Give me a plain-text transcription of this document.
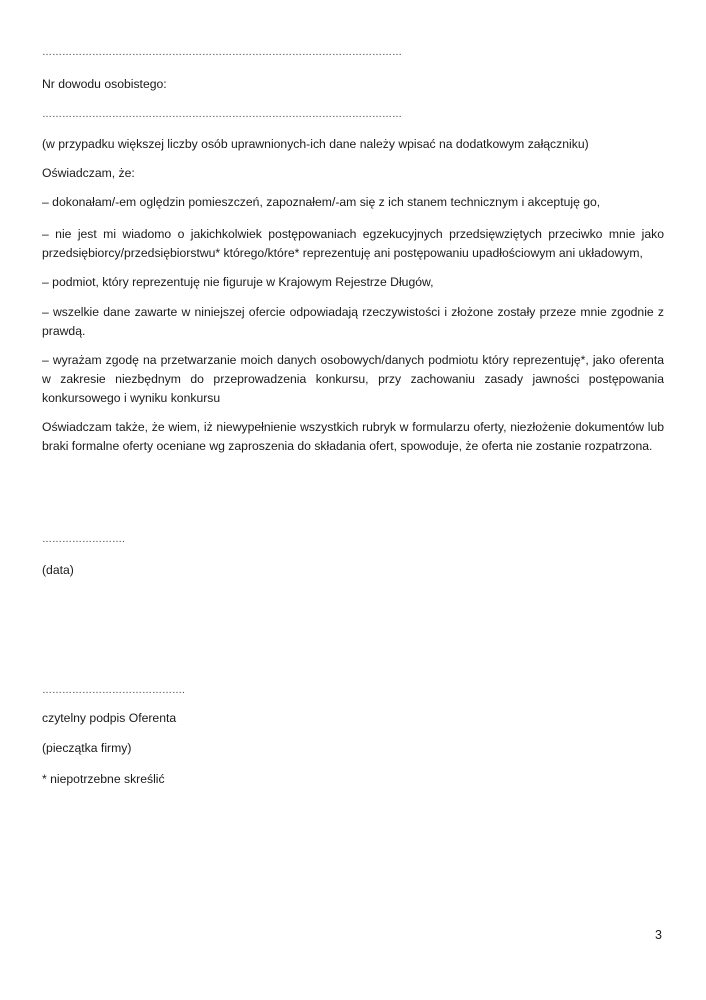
………………………………………………………………………………………………
Nr dowodu osobistego:
………………………………………………………………………………………………
(w przypadku większej liczby osób uprawnionych-ich dane należy wpisać na dodatkowym załączniku)
Oświadczam, że:
– dokonałam/-em oględzin pomieszczeń, zapoznałem/-am się z ich stanem technicznym i akceptuję go,
– nie jest mi wiadomo o jakichkolwiek postępowaniach egzekucyjnych przedsięwziętych przeciwko mnie jako przedsiębiorcy/przedsiębiorstwu* którego/które* reprezentuję ani postępowaniu upadłościowym ani układowym,
– podmiot, który reprezentuję nie figuruje w Krajowym Rejestrze Długów,
– wszelkie dane zawarte w niniejszej ofercie odpowiadają rzeczywistości i złożone zostały przeze mnie zgodnie z prawdą.
– wyrażam zgodę na przetwarzanie moich danych osobowych/danych podmiotu który reprezentuję*, jako oferenta w zakresie niezbędnym do przeprowadzenia konkursu, przy zachowaniu zasady jawności postępowania konkursowego i wyniku konkursu
Oświadczam także, że wiem, iż niewypełnienie wszystkich rubryk w formularzu oferty, niezłożenie dokumentów lub braki formalne oferty oceniane wg zaproszenia do składania ofert, spowoduje, że oferta nie zostanie rozpatrzona.
…………………….
(data)
…………………………………….
czytelny podpis Oferenta
(pieczątka firmy)
* niepotrzebne skreślić
3
